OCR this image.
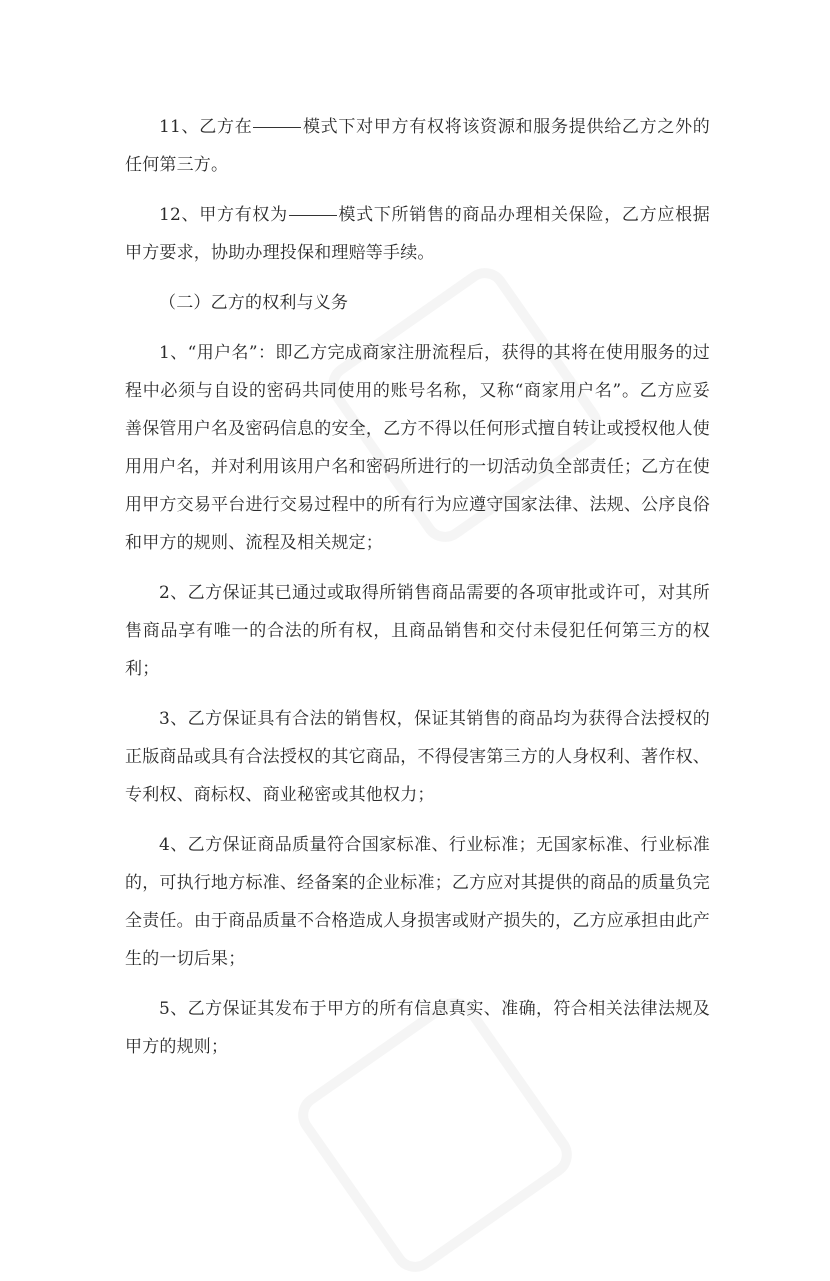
11、乙方在	模式下对甲方有权将该资源和服务提供给乙方之外的任何第三方。

12、甲方有权为	模式下所销售的商品办理相关保险，乙方应根据甲方要求，协助办理投保和理赔等手续。

（二）乙方的权利与义务

1、“用户名”：即乙方完成商家注册流程后，获得的其将在使用服务的过程中必须与自设的密码共同使用的账号名称，又称“商家用户名”。乙方应妥善保管用户名及密码信息的安全，乙方不得以任何形式擅自转让或授权他人使用用户名，并对利用该用户名和密码所进行的一切活动负全部责任；乙方在使用甲方交易平台进行交易过程中的所有行为应遵守国家法律、法规、公序良俗和甲方的规则、流程及相关规定；

2、乙方保证其已通过或取得所销售商品需要的各项审批或许可，对其所售商品享有唯一的合法的所有权，且商品销售和交付未侵犯任何第三方的权利；

3、乙方保证具有合法的销售权，保证其销售的商品均为获得合法授权的正版商品或具有合法授权的其它商品，不得侵害第三方的人身权利、著作权、专利权、商标权、商业秘密或其他权力；

4、乙方保证商品质量符合国家标准、行业标准；无国家标准、行业标准的，可执行地方标准、经备案的企业标准；乙方应对其提供的商品的质量负完全责任。由于商品质量不合格造成人身损害或财产损失的，乙方应承担由此产生的一切后果；

5、乙方保证其发布于甲方的所有信息真实、准确，符合相关法律法规及甲方的规则；
